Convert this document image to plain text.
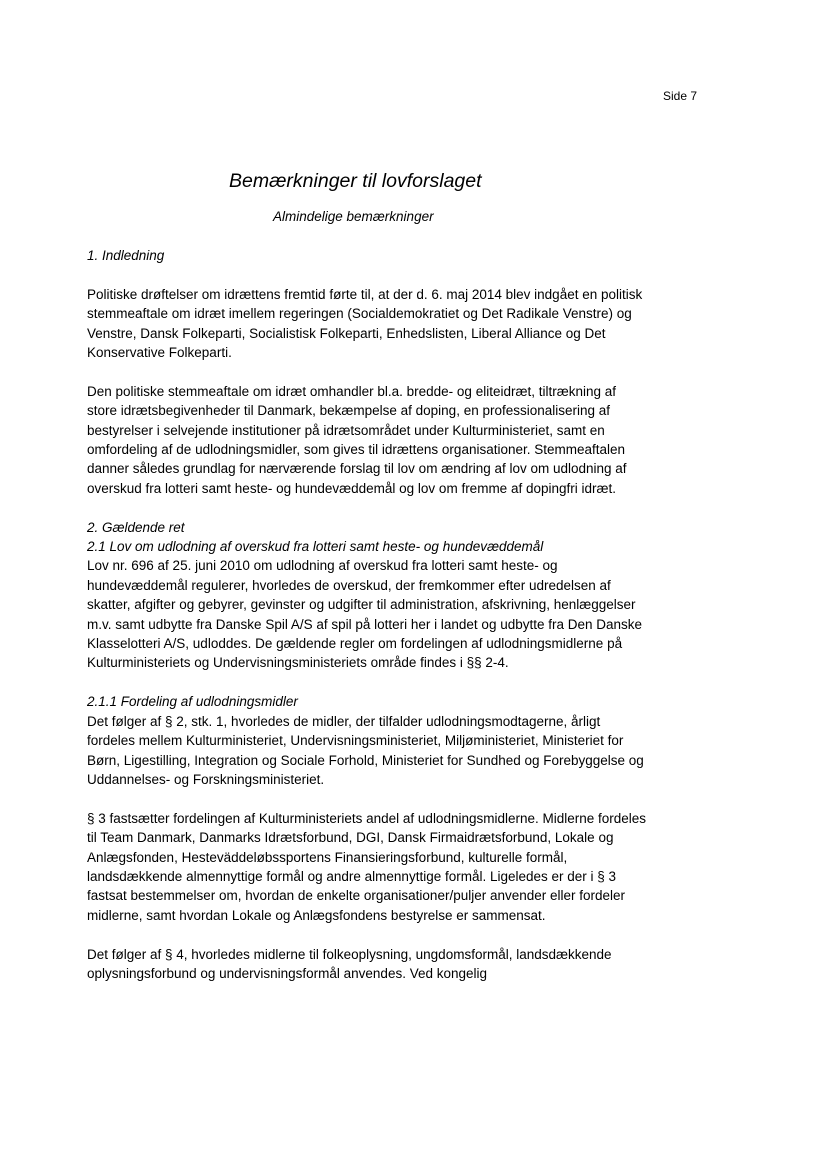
Side 7
Bemærkninger til lovforslaget
Almindelige bemærkninger

1. Indledning

Politiske drøftelser om idrættens fremtid førte til, at der d. 6. maj 2014 blev indgået en politisk stemmeaftale om idræt imellem regeringen (Socialdemokratiet og Det Radikale Venstre) og Venstre, Dansk Folkeparti, Socialistisk Folkeparti, Enhedslisten, Liberal Alliance og Det Konservative Folkeparti.

Den politiske stemmeaftale om idræt omhandler bl.a. bredde- og eliteidræt, tiltrækning af store idrætsbegivenheder til Danmark, bekæmpelse af doping, en professionalisering af bestyrelser i selvejende institutioner på idrætsområdet under Kulturministeriet, samt en omfordeling af de udlodningsmidler, som gives til idrættens organisationer. Stemmeaftalen danner således grundlag for nærværende forslag til lov om ændring af lov om udlodning af overskud fra lotteri samt heste- og hundevæddemål og lov om fremme af dopingfri idræt.

2. Gældende ret
2.1 Lov om udlodning af overskud fra lotteri samt heste- og hundevæddemål
Lov nr. 696 af 25. juni 2010 om udlodning af overskud fra lotteri samt heste- og hundevæddemål regulerer, hvorledes de overskud, der fremkommer efter udredelsen af skatter, afgifter og gebyrer, gevinster og udgifter til administration, afskrivning, henlæggelser m.v. samt udbytte fra Danske Spil A/S af spil på lotteri her i landet og udbytte fra Den Danske Klasselotteri A/S, udloddes. De gældende regler om fordelingen af udlodningsmidlerne på Kulturministeriets og Undervisningsministeriets område findes i §§ 2-4.
2.1.1 Fordeling af udlodningsmidler
Det følger af § 2, stk. 1, hvorledes de midler, der tilfalder udlodningsmodtagerne, årligt fordeles mellem Kulturministeriet, Undervisningsministeriet, Miljøministeriet, Ministeriet for Børn, Ligestilling, Integration og Sociale Forhold, Ministeriet for Sundhed og Forebyggelse og Uddannelses- og Forskningsministeriet.

§ 3 fastsætter fordelingen af Kulturministeriets andel af udlodningsmidlerne. Midlerne fordeles til Team Danmark, Danmarks Idrætsforbund, DGI, Dansk Firmaidrætsforbund, Lokale og Anlægsfonden, Hesteväddeløbssportens Finansieringsforbund, kulturelle formål, landsdækkende almennyttige formål og andre almennyttige formål. Ligeledes er der i § 3 fastsat bestemmelser om, hvordan de enkelte organisationer/puljer anvender eller fordeler midlerne, samt hvordan Lokale og Anlægsfondens bestyrelse er sammensat.

Det følger af § 4, hvorledes midlerne til folkeoplysning, ungdomsformål, landsdækkende oplysningsforbund og undervisningsformål anvendes. Ved kongelig
